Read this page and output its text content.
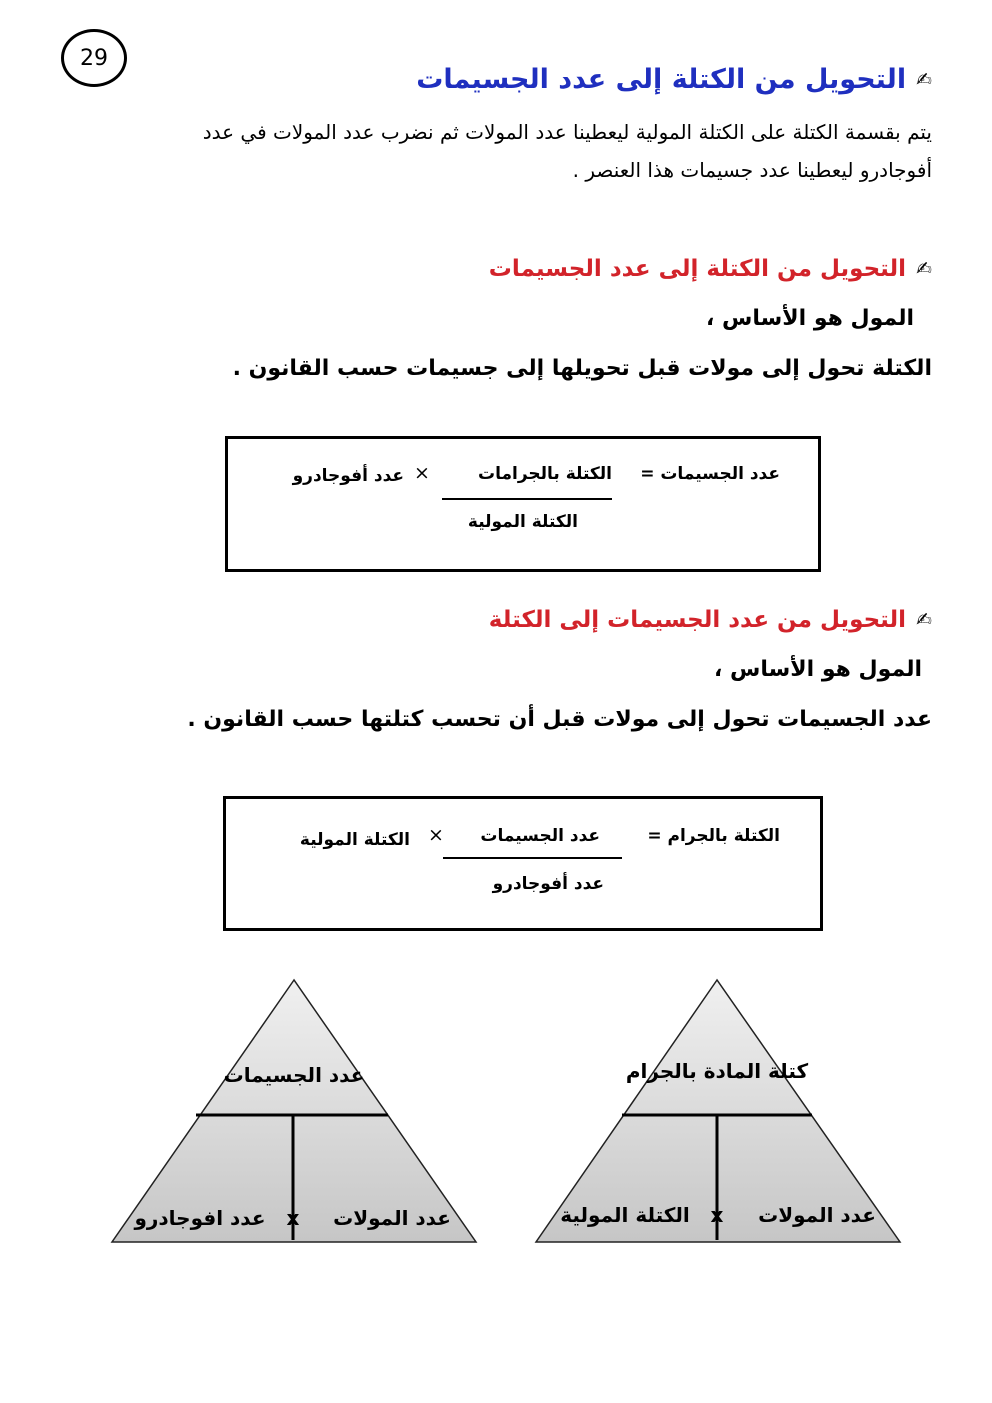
29
✍
التحويل من الكتلة إلى عدد الجسيمات
يتم بقسمة الكتلة على الكتلة المولية ليعطينا عدد المولات ثم نضرب عدد المولات في عدد
أفوجادرو ليعطينا عدد جسيمات هذا العنصر .
✍
التحويل من الكتلة إلى عدد الجسيمات
المول هو الأساس ،
الكتلة تحول إلى مولات قبل تحويلها إلى جسيمات حسب القانون .
عدد الجسيمات =
الكتلة بالجرامات
الكتلة المولية
×
عدد أفوجادرو
✍
التحويل من عدد الجسيمات إلى الكتلة
المول هو الأساس ،
عدد الجسيمات تحول إلى مولات قبل أن تحسب كتلتها حسب القانون .
الكتلة بالجرام =
عدد الجسيمات
عدد أفوجادرو
×
الكتلة المولية
عدد الجسيمات
عدد المولات
x
عدد افوجادرو
كتلة المادة بالجرام
عدد المولات
x
الكتلة المولية
